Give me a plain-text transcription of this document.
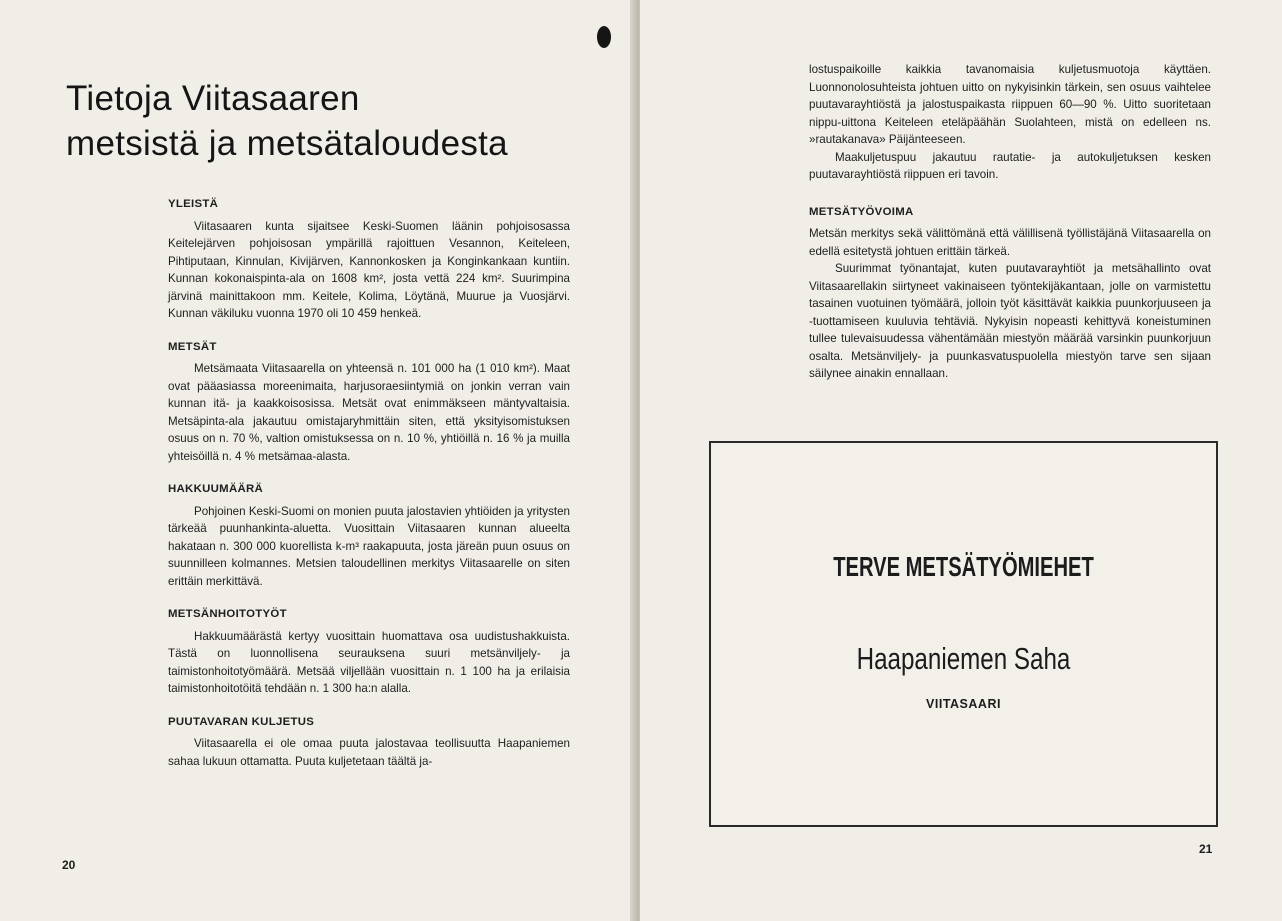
Tietoja Viitasaaren
metsistä ja metsätaloudesta
YLEISTÄ

Viitasaaren kunta sijaitsee Keski-Suomen läänin pohjoisosassa Keitelejärven pohjoisosan ympärillä rajoittuen Vesannon, Keiteleen, Pihtiputaan, Kinnulan, Kivijärven, Kannonkosken ja Konginkankaan kuntiin. Kunnan kokonaispinta-ala on 1608 km², josta vettä 224 km². Suurimpina järvinä mainittakoon mm. Keitele, Kolima, Löytänä, Muurue ja Vuosjärvi. Kunnan väkiluku vuonna 1970 oli 10 459 henkeä.

METSÄT

Metsämaata Viitasaarella on yhteensä n. 101 000 ha (1 010 km²). Maat ovat pääasiassa moreenimaita, harjusoraesiintymiä on jonkin verran vain kunnan itä- ja kaakkoisosissa. Metsät ovat enimmäkseen mäntyvaltaisia. Metsäpinta-ala jakautuu omistajaryhmittäin siten, että yksityisomistuksen osuus on n. 70 %, valtion omistuksessa on n. 10 %, yhtiöillä n. 16 % ja muilla yhteisöillä n. 4 % metsämaa-alasta.

HAKKUUMÄÄRÄ

Pohjoinen Keski-Suomi on monien puuta jalostavien yhtiöiden ja yritysten tärkeää puunhankinta-aluetta. Vuosittain Viitasaaren kunnan alueelta hakataan n. 300 000 kuorellista k-m³ raakapuuta, josta järeän puun osuus on suunnilleen kolmannes. Metsien taloudellinen merkitys Viitasaarelle on siten erittäin merkittävä.

METSÄNHOITOTYÖT

Hakkuumäärästä kertyy vuosittain huomattava osa uudistushakkuista. Tästä on luonnollisena seurauksena suuri metsänviljely- ja taimistonhoitotyömäärä. Metsää viljellään vuosittain n. 1 100 ha ja erilaisia taimistonhoitotöitä tehdään n. 1 300 ha:n alalla.

PUUTAVARAN KULJETUS

Viitasaarella ei ole omaa puuta jalostavaa teollisuutta Haapaniemen sahaa lukuun ottamatta. Puuta kuljetetaan täältä ja-

20

lostuspaikoille kaikkia tavanomaisia kuljetusmuotoja käyttäen. Luonnonolosuhteista johtuen uitto on nykyisinkin tärkein, sen osuus vaihtelee puutavarayhtiöstä ja jalostuspaikasta riippuen 60—90 %. Uitto suoritetaan nippu-uittona Keiteleen eteläpäähän Suolahteen, mistä on edelleen ns. »rautakanava» Päijänteeseen.

Maakuljetuspuu jakautuu rautatie- ja autokuljetuksen kesken puutavarayhtiöstä riippuen eri tavoin.

METSÄTYÖVOIMA

Metsän merkitys sekä välittömänä että välillisenä työllistäjänä Viitasaarella on edellä esitetystä johtuen erittäin tärkeä.

Suurimmat työnantajat, kuten puutavarayhtiöt ja metsähallinto ovat Viitasaarellakin siirtyneet vakinaiseen työntekijäkantaan, jolle on varmistettu tasainen vuotuinen työmäärä, jolloin työt käsittävät kaikkia puunkorjuuseen ja -tuottamiseen kuuluvia tehtäviä. Nykyisin nopeasti kehittyvä koneistuminen tullee tulevaisuudessa vähentämään miestyön määrää varsinkin puunkorjuun osalta. Metsänviljely- ja puunkasvatuspuolella miestyön tarve sen sijaan säilynee ainakin ennallaan.

TERVE METSÄTYÖMIEHET
Haapaniemen Saha
VIITASAARI
21
